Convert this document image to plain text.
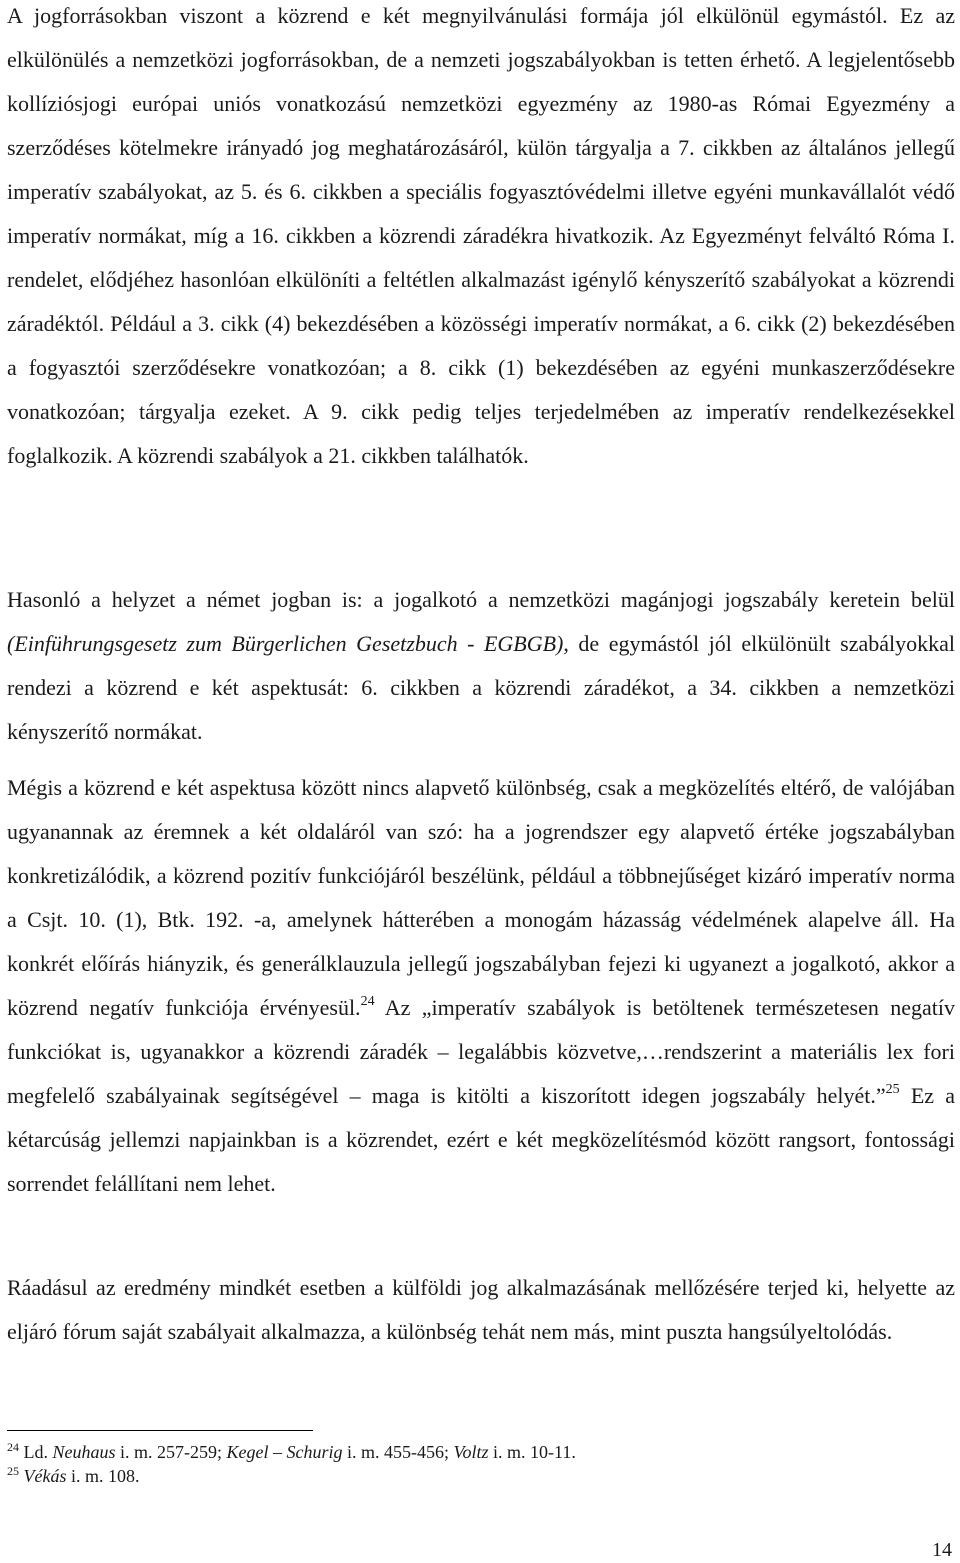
A jogforrásokban viszont a közrend e két megnyilvánulási formája jól elkülönül egymástól. Ez az elkülönülés a nemzetközi jogforrásokban, de a nemzeti jogszabályokban is tetten érhető. A legjelentősebb kollíziósjogi európai uniós vonatkozású nemzetközi egyezmény az 1980-as Római Egyezmény a szerződéses kötelmekre irányadó jog meghatározásáról, külön tárgyalja a 7. cikkben az általános jellegű imperatív szabályokat, az 5. és 6. cikkben a speciális fogyasztóvédelmi illetve egyéni munkavállalót védő imperatív normákat, míg a 16. cikkben a közrendi záradékra hivatkozik. Az Egyezményt felváltó Róma I. rendelet, elődjéhez hasonlóan elkülöníti a feltétlen alkalmazást igénylő kényszerítő szabályokat a közrendi záradéktól. Például a 3. cikk (4) bekezdésében a közösségi imperatív normákat, a 6. cikk (2) bekezdésében a fogyasztói szerződésekre vonatkozóan; a 8. cikk (1) bekezdésében az egyéni munkaszerződésekre vonatkozóan; tárgyalja ezeket. A 9. cikk pedig teljes terjedelmében az imperatív rendelkezésekkel foglalkozik. A közrendi szabályok a 21. cikkben találhatók.

Hasonló a helyzet a német jogban is: a jogalkotó a nemzetközi magánjogi jogszabály keretein belül (Einführungsgesetz zum Bürgerlichen Gesetzbuch - EGBGB), de egymástól jól elkülönült szabályokkal rendezi a közrend e két aspektusát: 6. cikkben a közrendi záradékot, a 34. cikkben a nemzetközi kényszerítő normákat.

Mégis a közrend e két aspektusa között nincs alapvető különbség, csak a megközelítés eltérő, de valójában ugyanannak az éremnek a két oldaláról van szó: ha a jogrendszer egy alapvető értéke jogszabályban konkretizálódik, a közrend pozitív funkciójáról beszélünk, például a többnejűséget kizáró imperatív norma a Csjt. 10. (1), Btk. 192. -a, amelynek hátterében a monogám házasság védelmének alapelve áll. Ha konkrét előírás hiányzik, és generálklauzula jellegű jogszabályban fejezi ki ugyanezt a jogalkotó, akkor a közrend negatív funkciója érvényesül.$^{24}$ Az „imperatív szabályok is betöltenek természetesen negatív funkciókat is, ugyanakkor a közrendi záradék – legalábbis közvetve,…rendszerint a materiális lex fori megfelelő szabályainak segítségével – maga is kitölti a kiszorított idegen jogszabály helyét.”$^{25}$ Ez a kétarcúság jellemzi napjainkban is a közrendet, ezért e két megközelítésmód között rangsort, fontossági sorrendet felállítani nem lehet.

Ráadásul az eredmény mindkét esetben a külföldi jog alkalmazásának mellőzésére terjed ki, helyette az eljáró fórum saját szabályait alkalmazza, a különbség tehát nem más, mint puszta hangsúlyeltolódás.

$^{24}$ Ld. Neuhaus i. m. 257-259; Kegel – Schurig i. m. 455-456; Voltz i. m. 10-11.

$^{25}$ Vékás i. m. 108.

14
